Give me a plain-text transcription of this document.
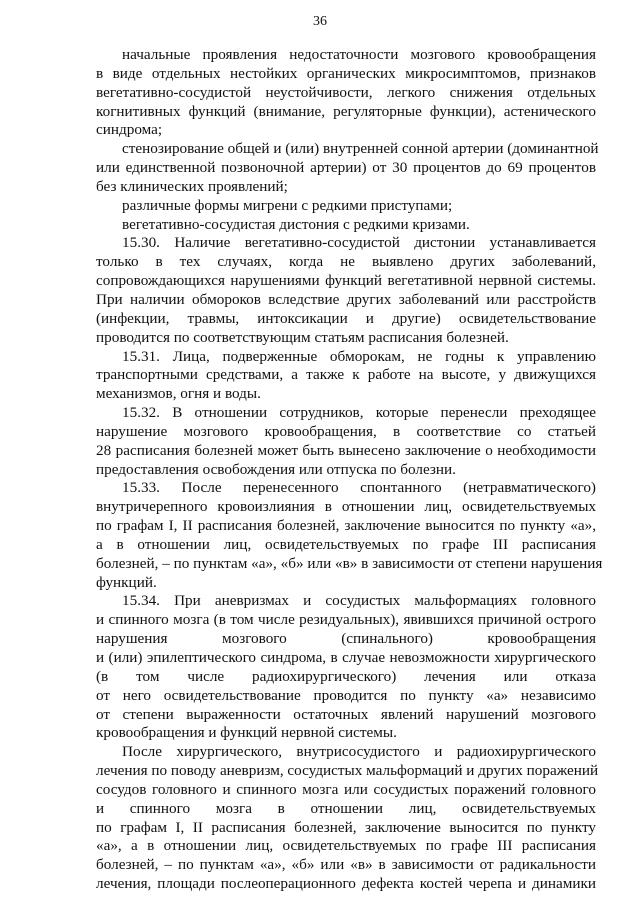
36
начальные проявления недостаточности мозгового кровообращения
в виде отдельных нестойких органических микросимптомов, признаков
вегетативно-сосудистой неустойчивости, легкого снижения отдельных
когнитивных функций (внимание, регуляторные функции), астенического
синдрома;
стенозирование общей и (или) внутренней сонной артерии (доминантной
или единственной позвоночной артерии) от 30 процентов до 69 процентов
без клинических проявлений;
различные формы мигрени с редкими приступами;
вегетативно-сосудистая дистония с редкими кризами.
15.30. Наличие вегетативно-сосудистой дистонии устанавливается
только в тех случаях, когда не выявлено других заболеваний,
сопровождающихся нарушениями функций вегетативной нервной системы.
При наличии обмороков вследствие других заболеваний или расстройств
(инфекции, травмы, интоксикации и другие) освидетельствование
проводится по соответствующим статьям расписания болезней.
15.31. Лица, подверженные обморокам, не годны к управлению
транспортными средствами, а также к работе на высоте, у движущихся
механизмов, огня и воды.
15.32. В отношении сотрудников, которые перенесли преходящее
нарушение мозгового кровообращения, в соответствие со статьей
28 расписания болезней может быть вынесено заключение о необходимости
предоставления освобождения или отпуска по болезни.
15.33. После перенесенного спонтанного (нетравматического)
внутричерепного кровоизлияния в отношении лиц, освидетельствуемых
по графам I, II расписания болезней, заключение выносится по пункту «а»,
а в отношении лиц, освидетельствуемых по графе III расписания
болезней, – по пунктам «а», «б» или «в» в зависимости от степени нарушения
функций.
15.34. При аневризмах и сосудистых мальформациях головного
и спинного мозга (в том числе резидуальных), явившихся причиной острого
нарушения мозгового (спинального) кровообращения
и (или) эпилептического синдрома, в случае невозможности хирургического
(в том числе радиохирургического) лечения или отказа
от него освидетельствование проводится по пункту «а» независимо
от степени выраженности остаточных явлений нарушений мозгового
кровообращения и функций нервной системы.
После хирургического, внутрисосудистого и радиохирургического
лечения по поводу аневризм, сосудистых мальформаций и других поражений
сосудов головного и спинного мозга или сосудистых поражений головного
и спинного мозга в отношении лиц, освидетельствуемых
по графам I, II расписания болезней, заключение выносится по пункту
«а», а в отношении лиц, освидетельствуемых по графе III расписания
болезней, – по пунктам «а», «б» или «в» в зависимости от радикальности
лечения, площади послеоперационного дефекта костей черепа и динамики
